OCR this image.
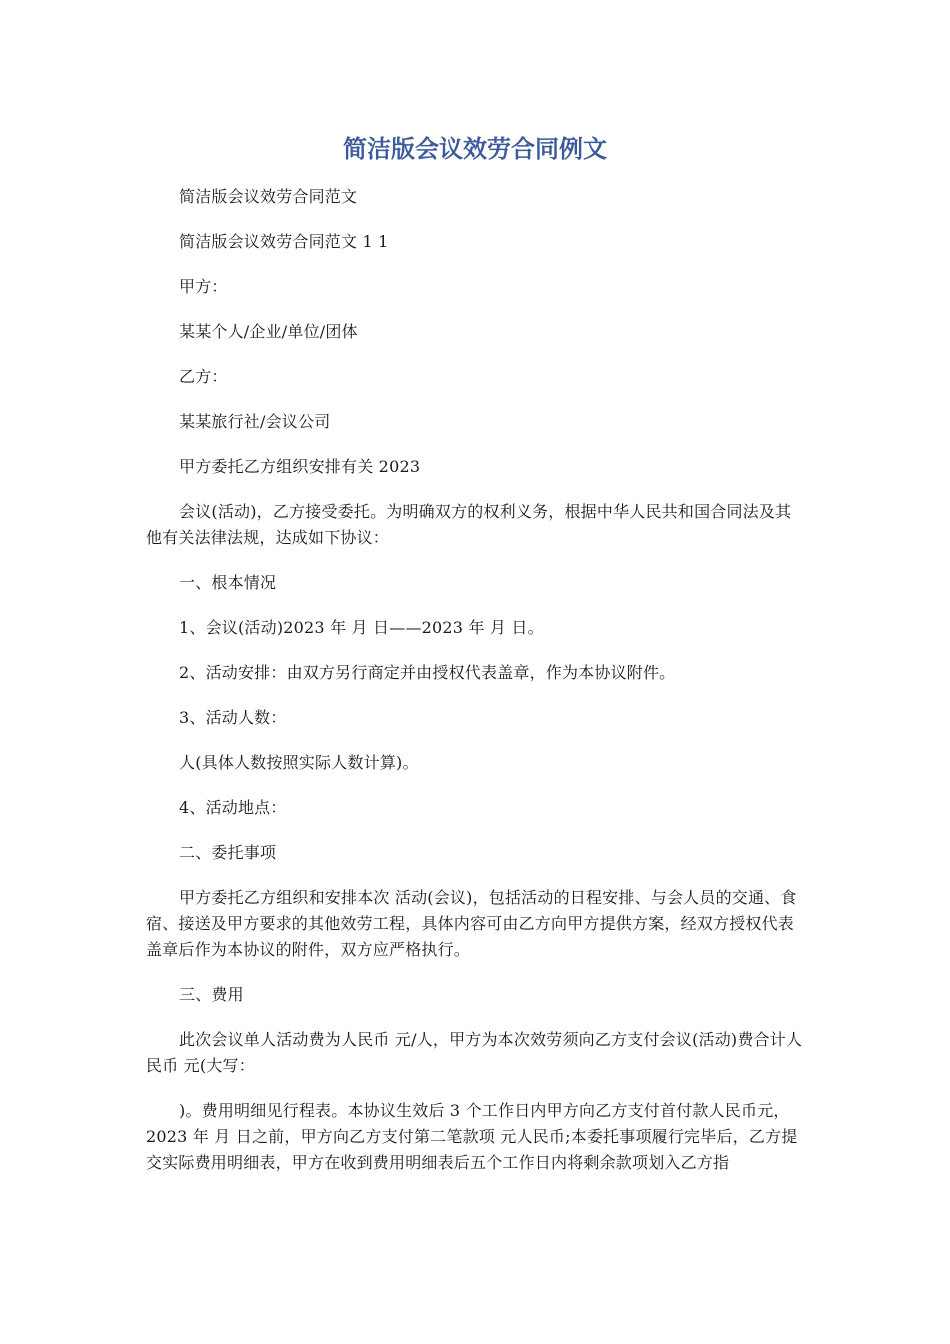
简洁版会议效劳合同例文

简洁版会议效劳合同范文

简洁版会议效劳合同范文 1 1

甲方：

某某个人/企业/单位/团体

乙方：

某某旅行社/会议公司

甲方委托乙方组织安排有关 2023

会议(活动)，乙方接受委托。为明确双方的权利义务，根据中华人民共和国合同法及其他有关法律法规，达成如下协议：

一、根本情况

1、会议(活动)2023 年 月 日——2023 年 月 日。

2、活动安排：由双方另行商定并由授权代表盖章，作为本协议附件。

3、活动人数：

人(具体人数按照实际人数计算)。

4、活动地点：

二、委托事项

甲方委托乙方组织和安排本次 活动(会议)，包括活动的日程安排、与会人员的交通、食宿、接送及甲方要求的其他效劳工程，具体内容可由乙方向甲方提供方案，经双方授权代表盖章后作为本协议的附件，双方应严格执行。

三、费用

此次会议单人活动费为人民币 元/人，甲方为本次效劳须向乙方支付会议(活动)费合计人民币 元(大写：

)。费用明细见行程表。本协议生效后 3 个工作日内甲方向乙方支付首付款人民币元， 2023 年 月 日之前，甲方向乙方支付第二笔款项 元人民币;本委托事项履行完毕后，乙方提交实际费用明细表，甲方在收到费用明细表后五个工作日内将剩余款项划入乙方指
